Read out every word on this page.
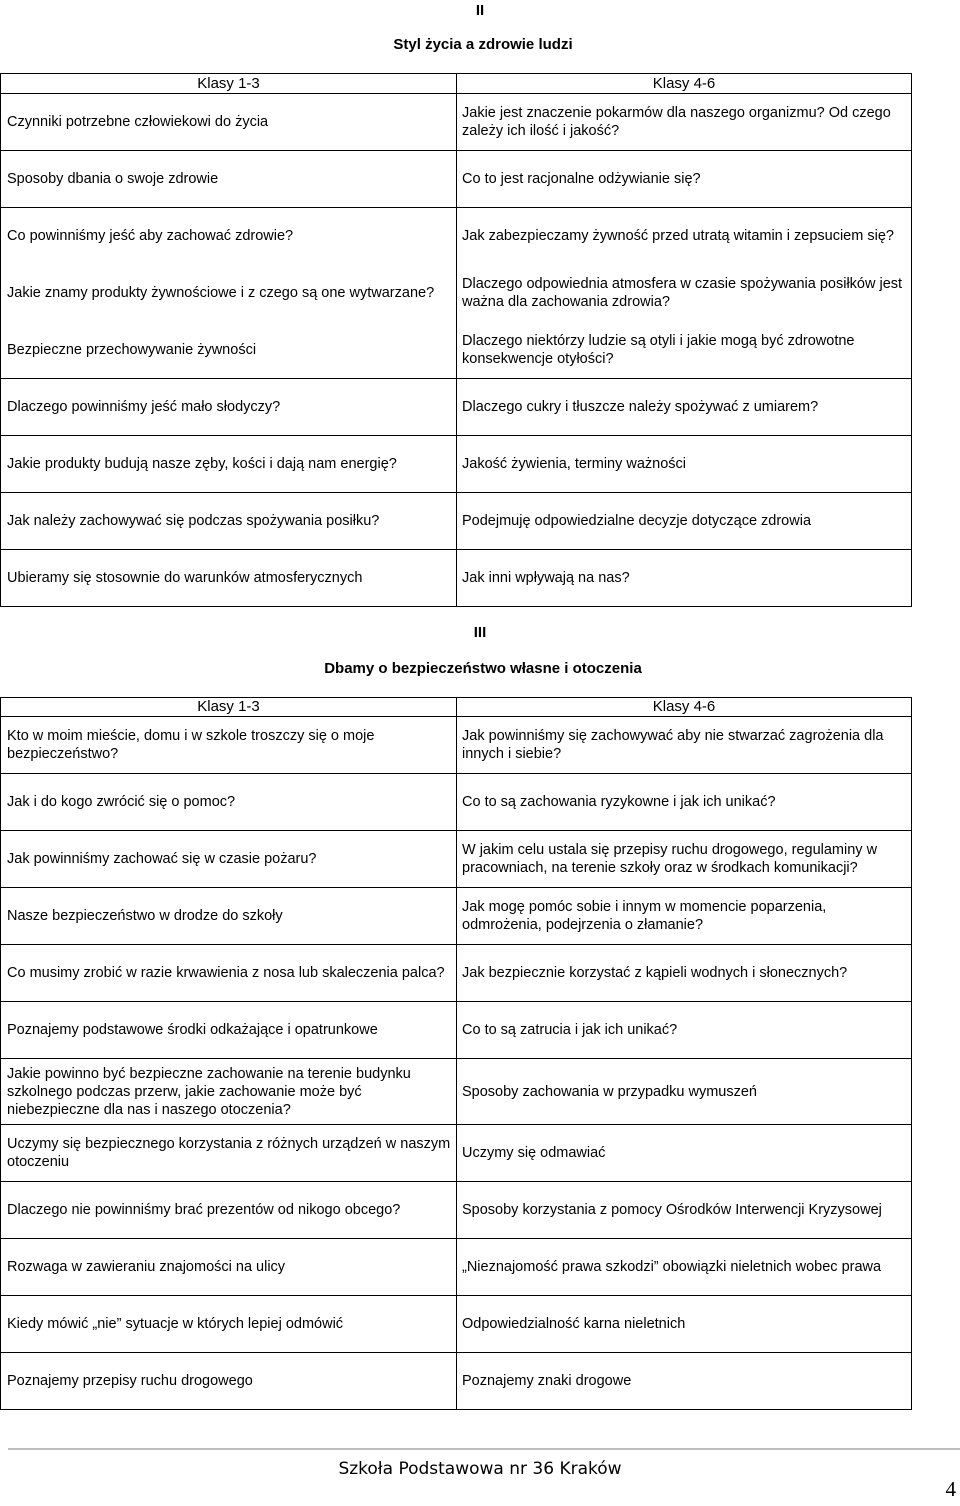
II
Styl życia a zdrowie ludzi
Klasy 1-3	Klasy 4-6
Czynniki potrzebne człowiekowi do życia	Jakie jest znaczenie pokarmów dla naszego organizmu? Od czego zależy ich ilość i jakość?
Sposoby dbania o swoje zdrowie	Co to jest racjonalne odżywianie się?
Co powinniśmy jeść aby zachować zdrowie?	Jak zabezpieczamy żywność przed utratą witamin i zepsuciem się?
Jakie znamy produkty żywnościowe i z czego są one wytwarzane?	Dlaczego odpowiednia atmosfera w czasie spożywania posiłków jest ważna dla zachowania zdrowia?
Bezpieczne przechowywanie żywności	Dlaczego niektórzy ludzie są otyli i jakie mogą być zdrowotne konsekwencje otyłości?
Dlaczego powinniśmy jeść mało słodyczy?	Dlaczego cukry i tłuszcze należy spożywać z umiarem?
Jakie produkty budują nasze zęby, kości i dają nam energię?	Jakość żywienia, terminy ważności
Jak należy zachowywać się podczas spożywania posiłku?	Podejmuję odpowiedzialne decyzje dotyczące zdrowia
Ubieramy się stosownie do warunków atmosferycznych	Jak inni wpływają na nas?
III
Dbamy o bezpieczeństwo własne i otoczenia
Klasy 1-3	Klasy 4-6
Kto w moim mieście, domu i w szkole troszczy się o moje bezpieczeństwo?	Jak powinniśmy się zachowywać aby nie stwarzać zagrożenia dla innych i siebie?
Jak i do kogo zwrócić się o pomoc?	Co to są zachowania ryzykowne i jak ich unikać?
Jak powinniśmy zachować się w czasie pożaru?	W jakim celu ustala się przepisy ruchu drogowego, regulaminy w pracowniach, na terenie szkoły oraz w środkach komunikacji?
Nasze bezpieczeństwo w drodze do szkoły	Jak mogę pomóc sobie i innym w momencie poparzenia, odmrożenia, podejrzenia o złamanie?
Co musimy zrobić w razie krwawienia z nosa lub skaleczenia palca?	Jak bezpiecznie korzystać z kąpieli wodnych i słonecznych?
Poznajemy podstawowe środki odkażające i opatrunkowe	Co to są zatrucia i jak ich unikać?
Jakie powinno być bezpieczne zachowanie na terenie budynku szkolnego podczas przerw, jakie zachowanie może być niebezpieczne dla nas i naszego otoczenia?	Sposoby zachowania w przypadku wymuszeń
Uczymy się bezpiecznego korzystania z różnych urządzeń w naszym otoczeniu	Uczymy się odmawiać
Dlaczego nie powinniśmy brać prezentów od nikogo obcego?	Sposoby korzystania z pomocy Ośrodków Interwencji Kryzysowej
Rozwaga w zawieraniu znajomości na ulicy	„Nieznajomość prawa szkodzi” obowiązki nieletnich wobec prawa
Kiedy mówić „nie” sytuacje w których lepiej odmówić	Odpowiedzialność karna nieletnich
Poznajemy przepisy ruchu drogowego	Poznajemy znaki drogowe
Szkoła Podstawowa nr 36 Kraków
4
